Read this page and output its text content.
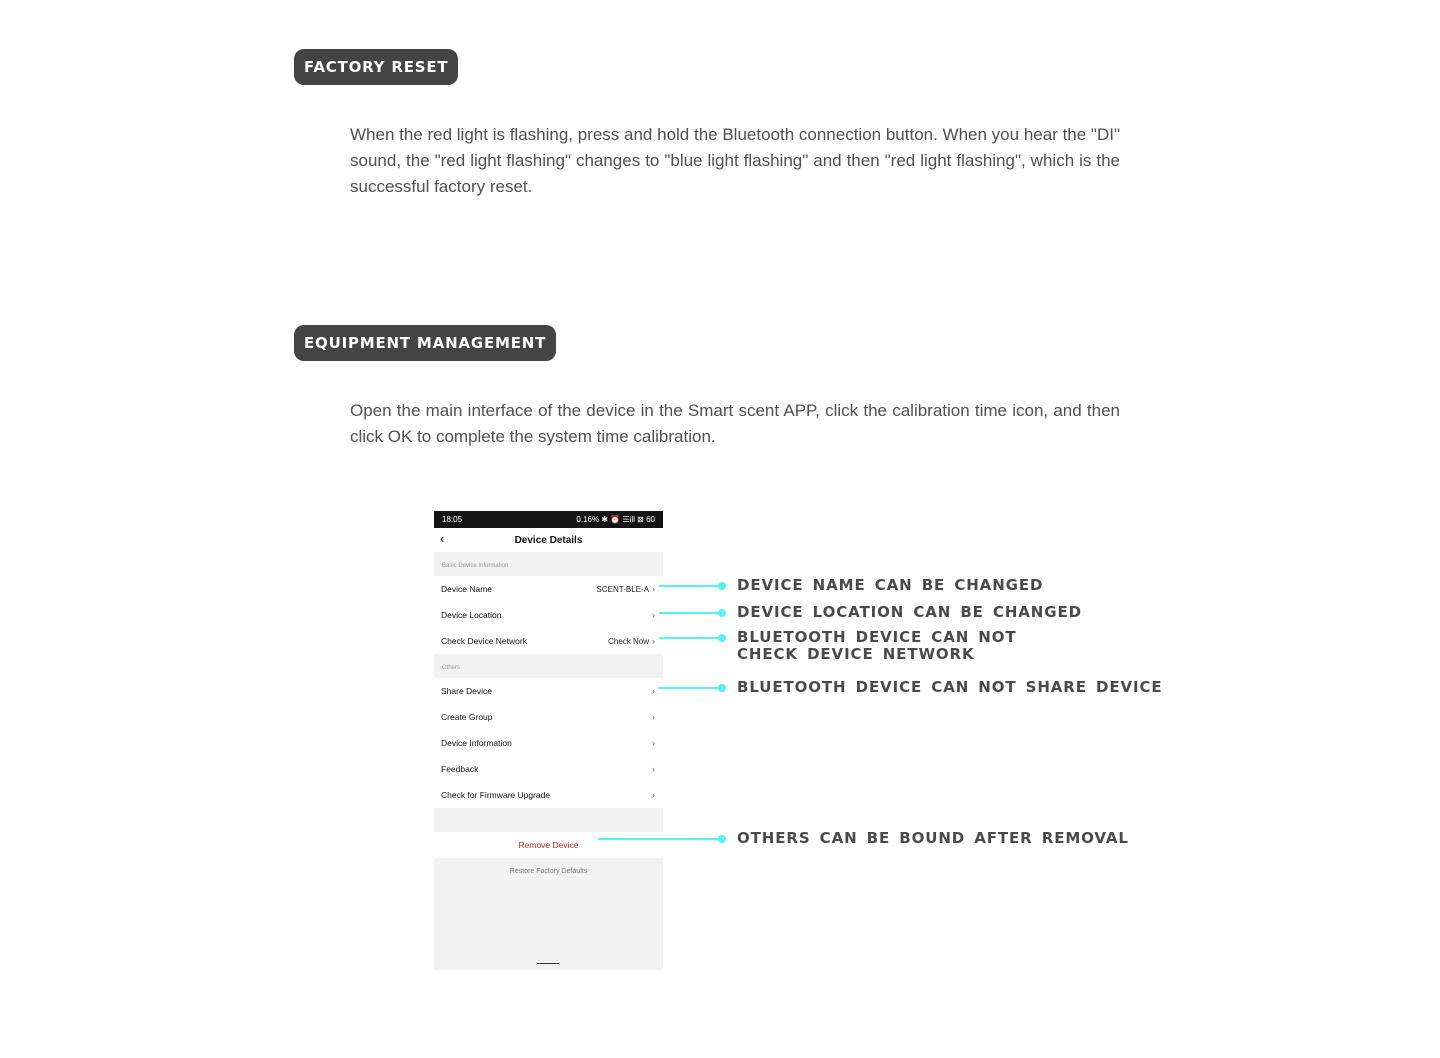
FACTORY RESET

When the red light is flashing, press and hold the Bluetooth connection button. When you hear the "DI" sound, the "red light flashing" changes to "blue light flashing" and then "red light flashing", which is the successful factory reset.

EQUIPMENT MANAGEMENT

Open the main interface of the device in the Smart scent APP, click the calibration time icon, and then click OK to complete the system time calibration.

18:05	0.16% ✱ ⏰ ☰ill ⊠ 60
‹	Device Details
Basic Device Information
Device Name	SCENT-BLE-A ›
Device Location	›
Check Device Network	Check Now ›
Others
Share Device	›
Create Group	›
Device Information	›
Feedback	›
Check for Firmware Upgrade	›
Remove Device
Restore Factory Defaults
DEVICE NAME CAN BE CHANGED
DEVICE LOCATION CAN BE CHANGED
BLUETOOTH DEVICE CAN NOT
CHECK DEVICE NETWORK
BLUETOOTH DEVICE CAN NOT SHARE DEVICE
OTHERS CAN BE BOUND AFTER REMOVAL
